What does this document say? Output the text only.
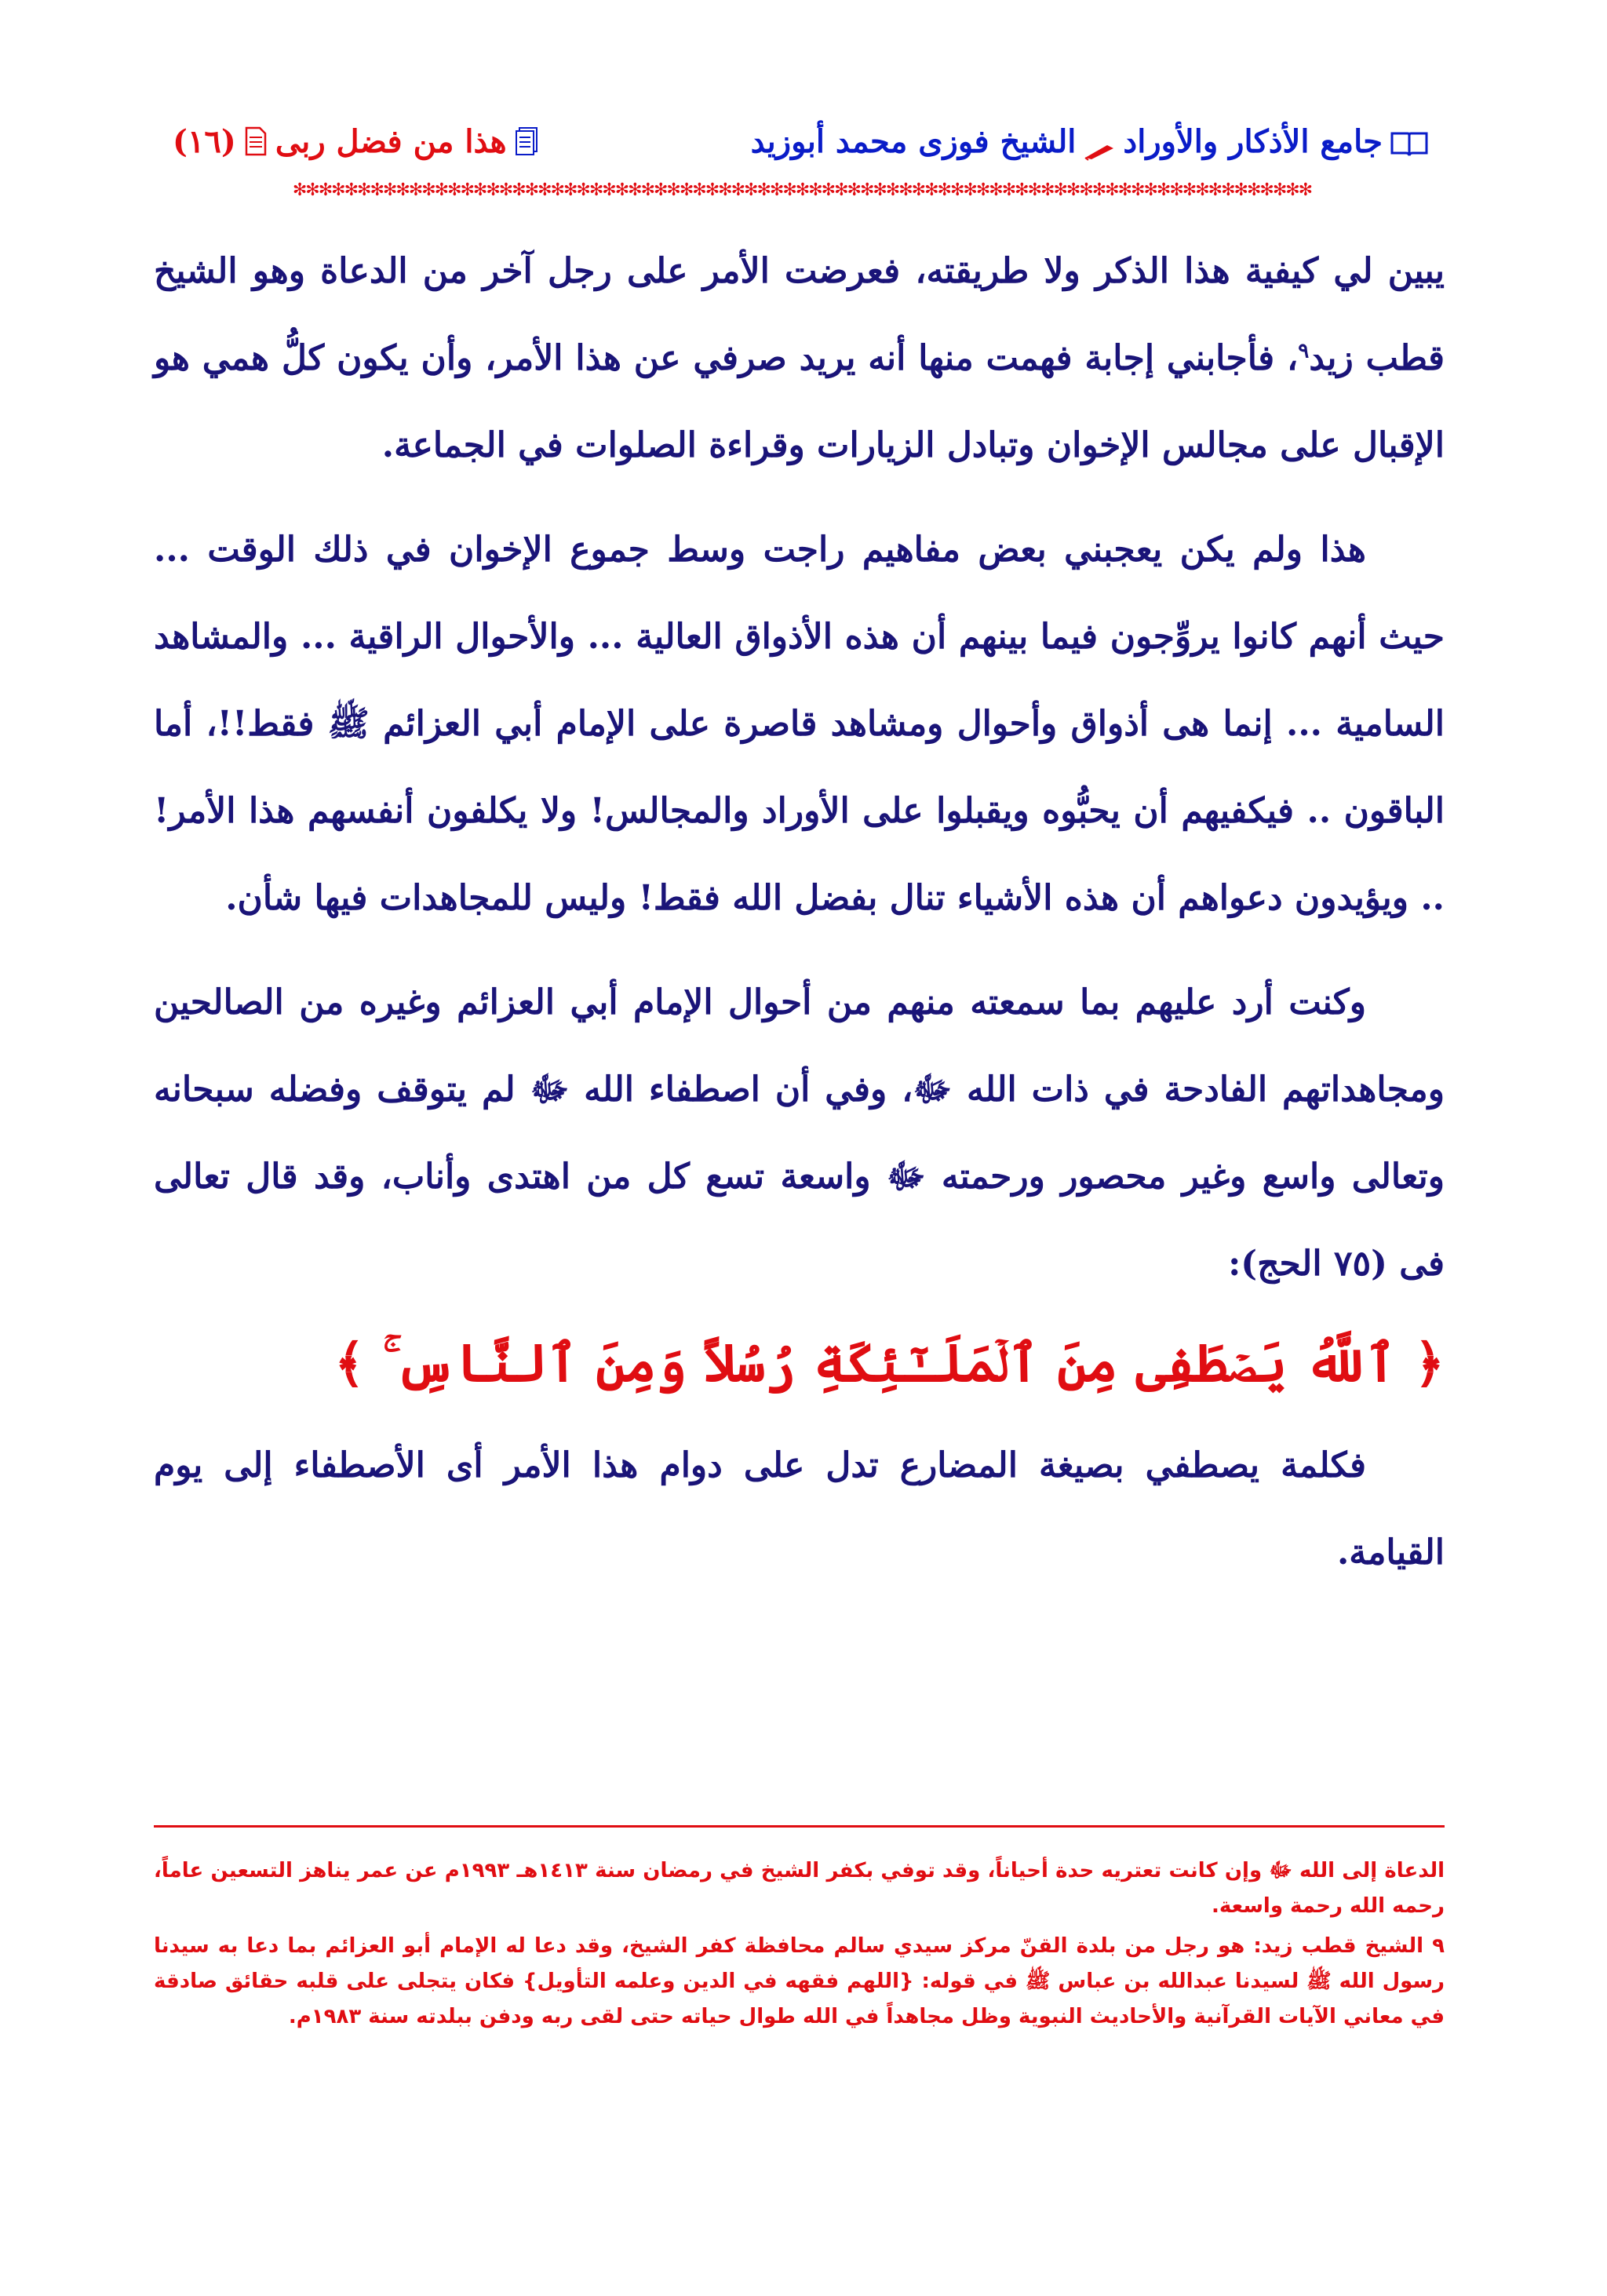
جامع الأذكار والأوراد
الشيخ فوزى محمد أبوزيد
هذا من فضل ربى
(١٦)
✻✻✻✻✻✻✻✻✻✻✻✻✻✻✻✻✻✻✻✻✻✻✻✻✻✻✻✻✻✻✻✻✻✻✻✻✻✻✻✻✻✻✻✻✻✻✻✻✻✻✻✻✻✻✻✻✻✻✻✻✻✻✻✻✻✻✻✻✻✻✻✻✻✻✻✻✻✻✻

يبين لي كيفية هذا الذكر ولا طريقته، فعرضت الأمر على رجل آخر من الدعاة وهو الشيخ قطب زيد$^٩$، فأجابني إجابة فهمت منها أنه يريد صرفي عن هذا الأمر، وأن يكون كلُّ همي هو الإقبال على مجالس الإخوان وتبادل الزيارات وقراءة الصلوات في الجماعة.

هذا ولم يكن يعجبني بعض مفاهيم راجت وسط جموع الإخوان في ذلك الوقت ... حيث أنهم كانوا يروِّجون فيما بينهم أن هذه الأذواق العالية ... والأحوال الراقية ... والمشاهد السامية ... إنما هى أذواق وأحوال ومشاهد قاصرة على الإمام أبي العزائم ﷺ فقط!!، أما الباقون .. فيكفيهم أن يحبُّوه ويقبلوا على الأوراد والمجالس! ولا يكلفون أنفسهم هذا الأمر! .. ويؤيدون دعواهم أن هذه الأشياء تنال بفضل الله فقط! وليس للمجاهدات فيها شأن.

وكنت أرد عليهم بما سمعته منهم من أحوال الإمام أبي العزائم وغيره من الصالحين ومجاهداتهم الفادحة في ذات الله ﷻ، وفي أن اصطفاء الله ﷻ لم يتوقف وفضله سبحانه وتعالى واسع وغير محصور ورحمته ﷻ واسعة تسع كل من اهتدى وأناب، وقد قال تعالى فى (٧٥ الحج):

﴿ ٱللَّهُ يَصۡطَفِى مِنَ ٱلۡمَلَـٰٓئِكَةِ رُسُلاً وَمِنَ ٱلنَّاسِ ۚ ﴾

فكلمة يصطفي بصيغة المضارع تدل على دوام هذا الأمر أى الأصطفاء إلى يوم القيامة.

الدعاة إلى الله ﷻ وإن كانت تعتريه حدة أحياناً، وقد توفي بكفر الشيخ في رمضان سنة ١٤١٣هـ ١٩٩٣م عن عمر يناهز التسعين عاماً، رحمه الله رحمة واسعة.

٩ الشيخ قطب زيد: هو رجل من بلدة القنّ مركز سيدي سالم محافظة كفر الشيخ، وقد دعا له الإمام أبو العزائم بما دعا به سيدنا رسول الله ﷺ لسيدنا عبدالله بن عباس ﷺ في قوله: {اللهم فقهه في الدين وعلمه التأويل} فكان يتجلى على قلبه حقائق صادقة في معاني الآيات القرآنية والأحاديث النبوية وظل مجاهداً في الله طوال حياته حتى لقى ربه ودفن ببلدته سنة ١٩٨٣م.
